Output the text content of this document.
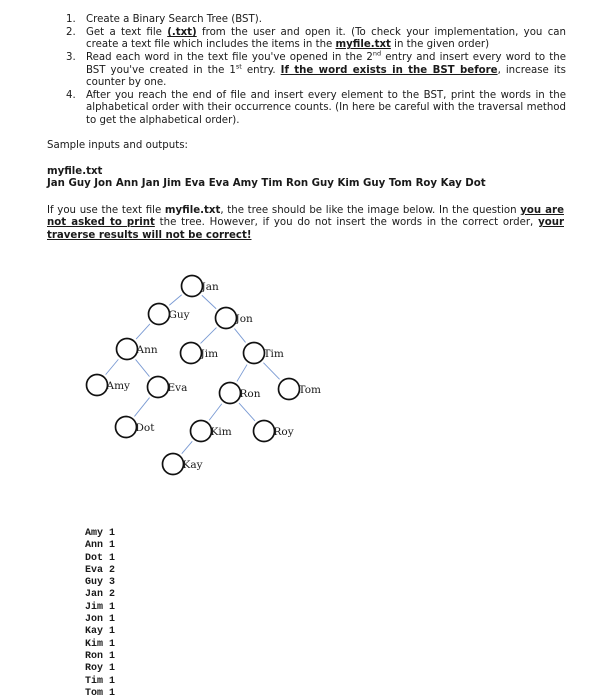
1. Create a Binary Search Tree (BST).
2. Get a text file (.txt) from the user and open it. (To check your implementation, you can create a text file which includes the items in the myfile.txt in the given order)
3. Read each word in the text file you've opened in the 2nd entry and insert every word to the BST you've created in the 1st entry. If the word exists in the BST before, increase its counter by one.
4. After you reach the end of file and insert every element to the BST, print the words in the alphabetical order with their occurrence counts. (In here be careful with the traversal method to get the alphabetical order).
Sample inputs and outputs:
myfile.txt
Jan Guy Jon Ann Jan Jim Eva Eva Amy Tim Ron Guy Kim Guy Tom Roy Kay Dot
If you use the text file myfile.txt, the tree should be like the image below. In the question you are not asked to print the tree. However, if you do not insert the words in the correct order, your traverse results will not be correct!
Jan
Guy	Jon
Ann	Jim	Tim
Amy	Eva	Ron	Tom
Dot	Kim	Roy
Kay
Amy 1
Ann 1
Dot 1
Eva 2
Guy 3
Jan 2
Jim 1
Jon 1
Kay 1
Kim 1
Ron 1
Roy 1
Tim 1
Tom 1
